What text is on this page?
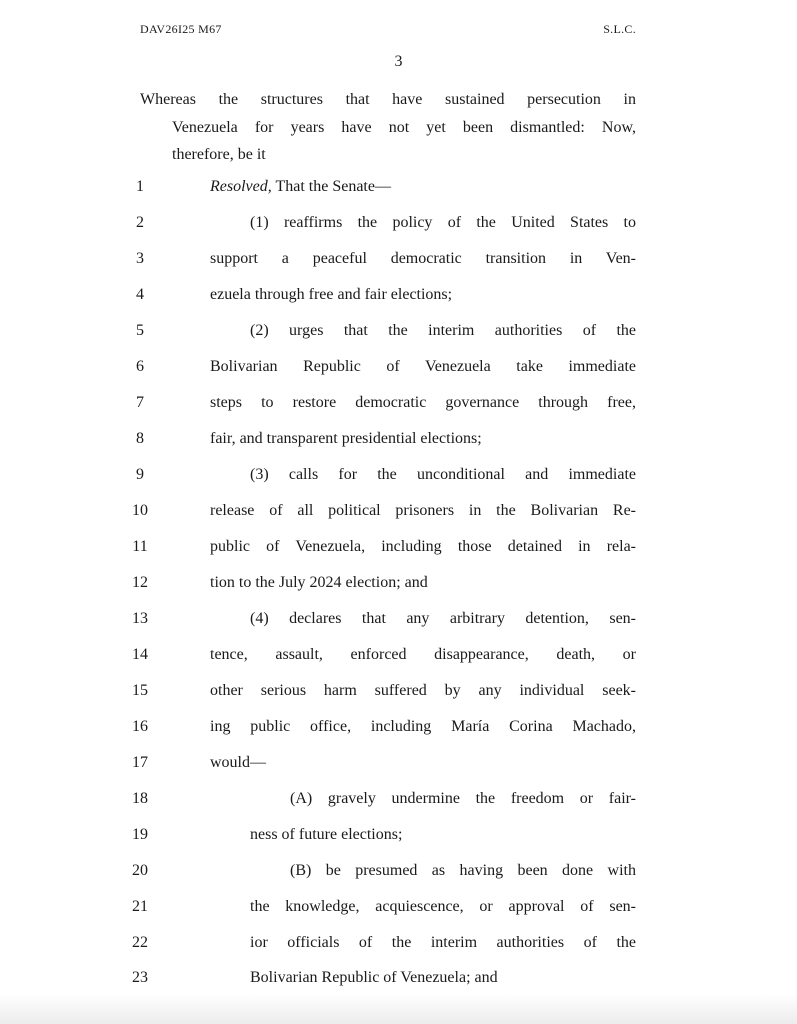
DAV26I25 M67	S.L.C.
3
Whereas the structures that have sustained persecution in
Venezuela for years have not yet been dismantled: Now,
therefore, be it
1	Resolved, That the Senate—
2	(1) reaffirms the policy of the United States to
3	support a peaceful democratic transition in Ven-
4	ezuela through free and fair elections;
5	(2) urges that the interim authorities of the
6	Bolivarian Republic of Venezuela take immediate
7	steps to restore democratic governance through free,
8	fair, and transparent presidential elections;
9	(3) calls for the unconditional and immediate
10	release of all political prisoners in the Bolivarian Re-
11	public of Venezuela, including those detained in rela-
12	tion to the July 2024 election; and
13	(4) declares that any arbitrary detention, sen-
14	tence, assault, enforced disappearance, death, or
15	other serious harm suffered by any individual seek-
16	ing public office, including María Corina Machado,
17	would—
18	(A) gravely undermine the freedom or fair-
19	ness of future elections;
20	(B) be presumed as having been done with
21	the knowledge, acquiescence, or approval of sen-
22	ior officials of the interim authorities of the
23	Bolivarian Republic of Venezuela; and
